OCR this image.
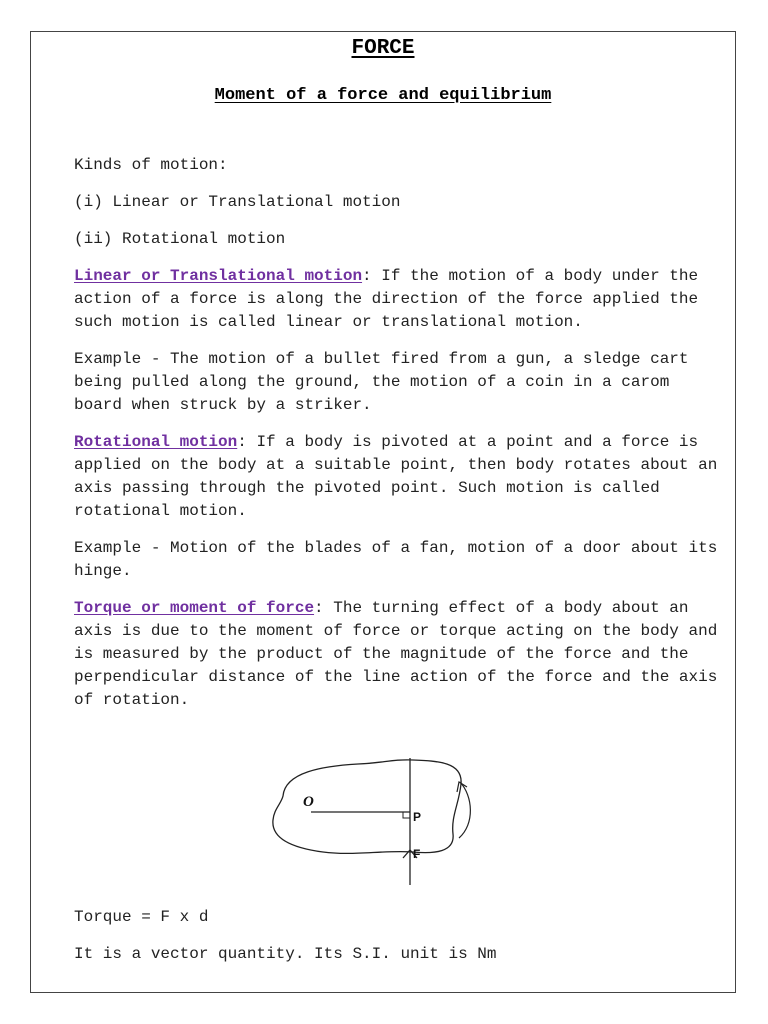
FORCE
Moment of a force and equilibrium

Kinds of motion:

(i) Linear or Translational motion

(ii) Rotational motion

Linear or Translational motion: If the motion of a body under the action of a force is along the direction of the force applied the such motion is called linear or translational motion.

Example - The motion of a bullet fired from a gun, a sledge cart being pulled along the ground, the motion of a coin in a carom board when struck by a striker.

Rotational motion: If a body is pivoted at a point and a force is applied on the body at a suitable point, then body rotates about an axis passing through the pivoted point. Such motion is called rotational motion.

Example - Motion of the blades of a fan, motion of a door about its hinge.

Torque or moment of force: The turning effect of a body about an axis is due to the moment of force or torque acting on the body and is measured by the product of the magnitude of the force and the perpendicular distance of the line action of the force and the axis of rotation.

O
P
F

Torque = F x d

It is a vector quantity. Its S.I. unit is Nm
